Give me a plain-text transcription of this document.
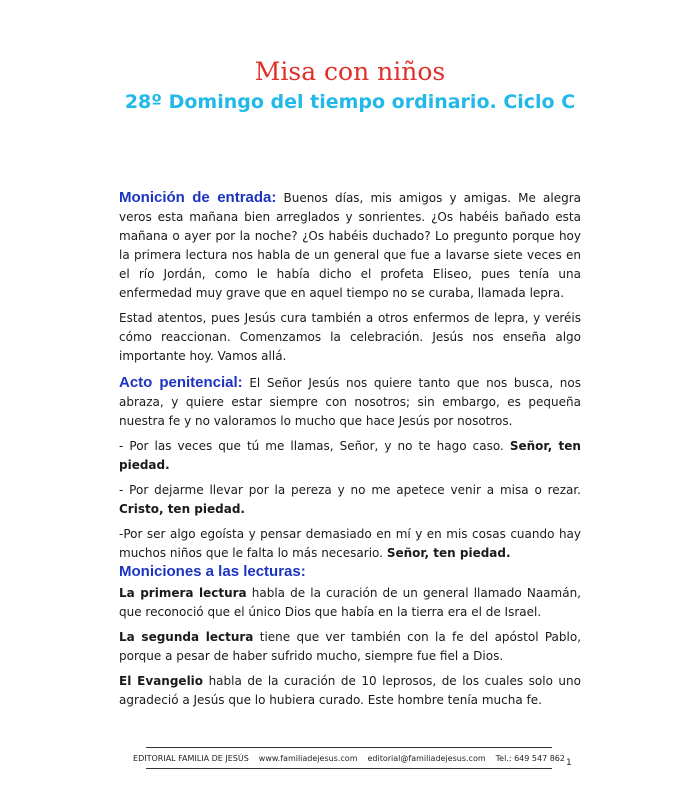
Misa con niños
28º Domingo del tiempo ordinario. Ciclo C

Monición de entrada: Buenos días, mis amigos y amigas. Me alegra veros esta mañana bien arreglados y sonrientes. ¿Os habéis bañado esta mañana o ayer por la noche? ¿Os habéis duchado? Lo pregunto porque hoy la primera lectura nos habla de un general que fue a lavarse siete veces en el río Jordán, como le había dicho el profeta Eliseo, pues tenía una enfermedad muy grave que en aquel tiempo no se curaba, llamada lepra.

Estad atentos, pues Jesús cura también a otros enfermos de lepra, y veréis cómo reaccionan. Comenzamos la celebración. Jesús nos enseña algo importante hoy. Vamos allá.

Acto penitencial: El Señor Jesús nos quiere tanto que nos busca, nos abraza, y quiere estar siempre con nosotros; sin embargo, es pequeña nuestra fe y no valoramos lo mucho que hace Jesús por nosotros.

- Por las veces que tú me llamas, Señor, y no te hago caso. Señor, ten piedad.

- Por dejarme llevar por la pereza y no me apetece venir a misa o rezar. Cristo, ten piedad.

-Por ser algo egoísta y pensar demasiado en mí y en mis cosas cuando hay muchos niños que le falta lo más necesario. Señor, ten piedad.

Moniciones a las lecturas:

La primera lectura habla de la curación de un general llamado Naamán, que reconoció que el único Dios que había en la tierra era el de Israel.

La segunda lectura tiene que ver también con la fe del apóstol Pablo, porque a pesar de haber sufrido mucho, siempre fue fiel a Dios.

El Evangelio habla de la curación de 10 leprosos, de los cuales solo uno agradeció a Jesús que lo hubiera curado. Este hombre tenía mucha fe.

EDITORIAL FAMILIA DE JESÚS www.familiadejesus.com editorial@familiadejesus.com Tel.: 649 547 862 1
